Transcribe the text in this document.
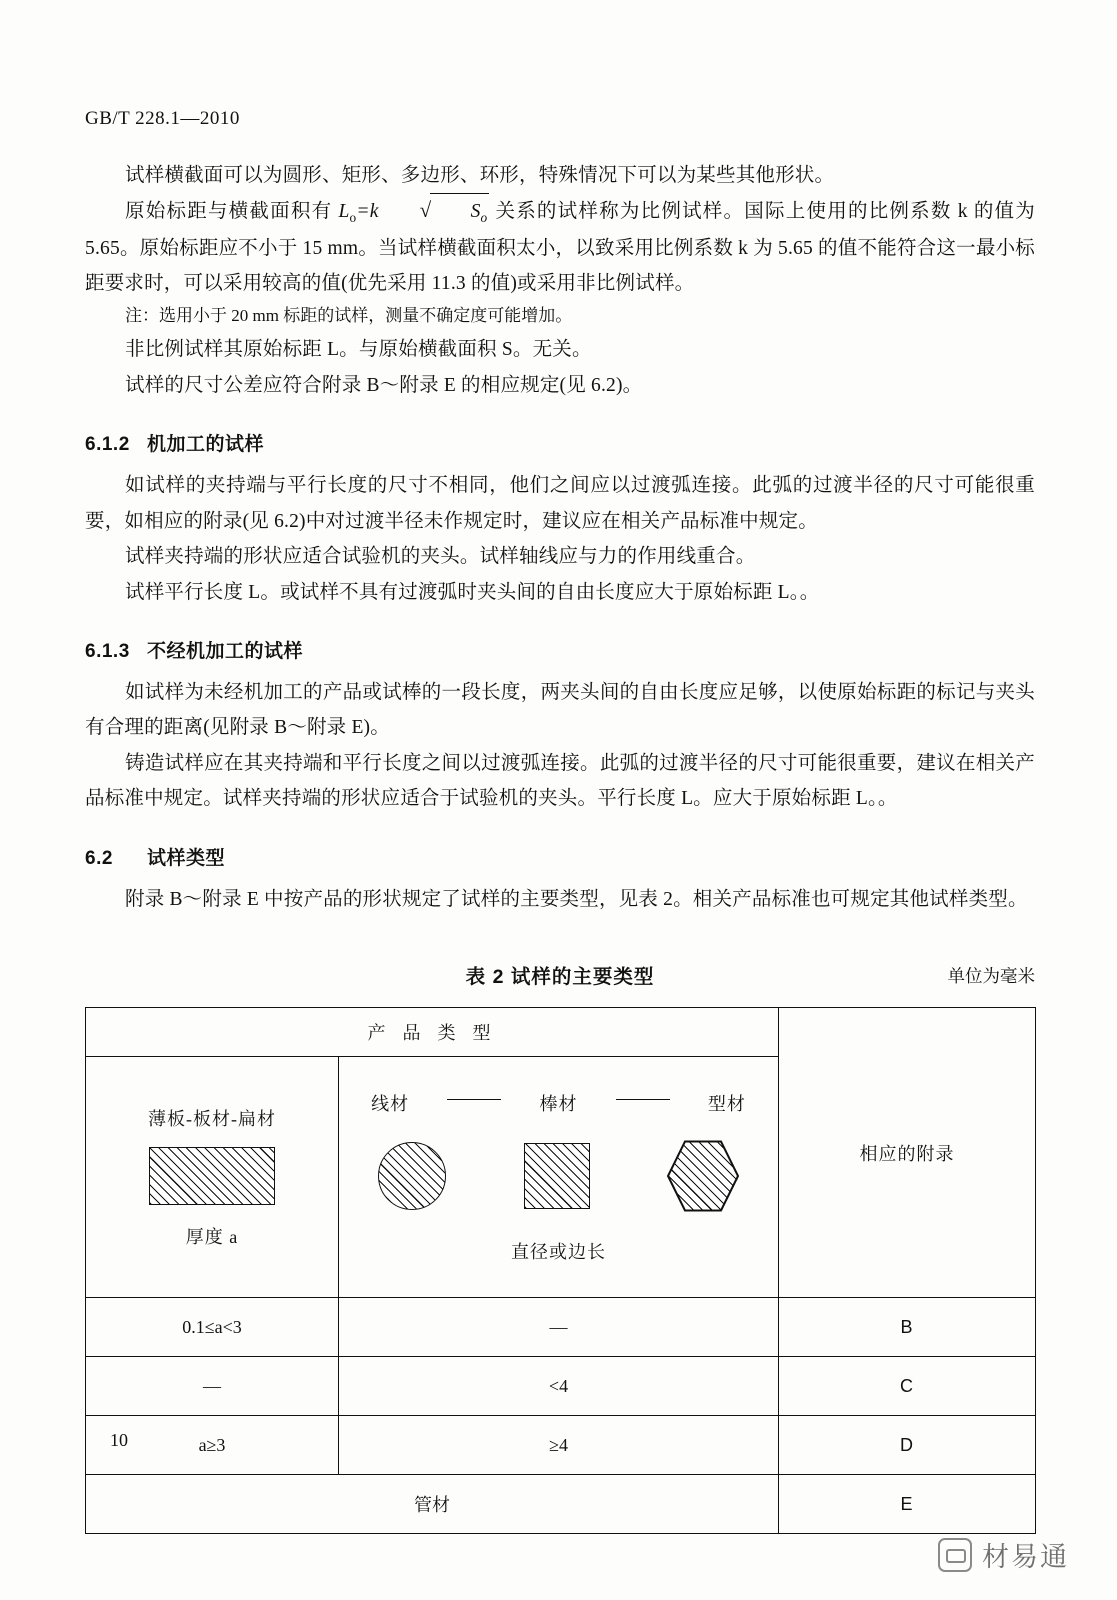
GB/T 228.1—2010

试样横截面可以为圆形、矩形、多边形、环形，特殊情况下可以为某些其他形状。

原始标距与横截面积有 $L_o=k$	√ $S_o$ 关系的试样称为比例试样。国际上使用的比例系数 k 的值为 5.65。原始标距应不小于 15 mm。当试样横截面积太小，以致采用比例系数 k 为 5.65 的值不能符合这一最小标距要求时，可以采用较高的值(优先采用 11.3 的值)或采用非比例试样。

注：选用小于 20 mm 标距的试样，测量不确定度可能增加。

非比例试样其原始标距 L。与原始横截面积 S。无关。

试样的尺寸公差应符合附录 B～附录 E 的相应规定(见 6.2)。

6.1.2 机加工的试样

如试样的夹持端与平行长度的尺寸不相同，他们之间应以过渡弧连接。此弧的过渡半径的尺寸可能很重要，如相应的附录(见 6.2)中对过渡半径未作规定时，建议应在相关产品标准中规定。

试样夹持端的形状应适合试验机的夹头。试样轴线应与力的作用线重合。

试样平行长度 L。或试样不具有过渡弧时夹头间的自由长度应大于原始标距 L。。

6.1.3 不经机加工的试样

如试样为未经机加工的产品或试棒的一段长度，两夹头间的自由长度应足够，以使原始标距的标记与夹头有合理的距离(见附录 B～附录 E)。

铸造试样应在其夹持端和平行长度之间以过渡弧连接。此弧的过渡半径的尺寸可能很重要，建议在相关产品标准中规定。试样夹持端的形状应适合于试验机的夹头。平行长度 L。应大于原始标距 L。。

6.2 试样类型

附录 B～附录 E 中按产品的形状规定了试样的主要类型，见表 2。相关产品标准也可规定其他试样类型。

表 2 试样的主要类型	单位为毫米
产 品 类 型		相应的附录

薄板-板材-扁材
厚度 a

线材	棒材	型材
直径或边长

0.1≤a<3	—	B
—	<4	C
a≥3	≥4	D
管材		E
10
材易通
